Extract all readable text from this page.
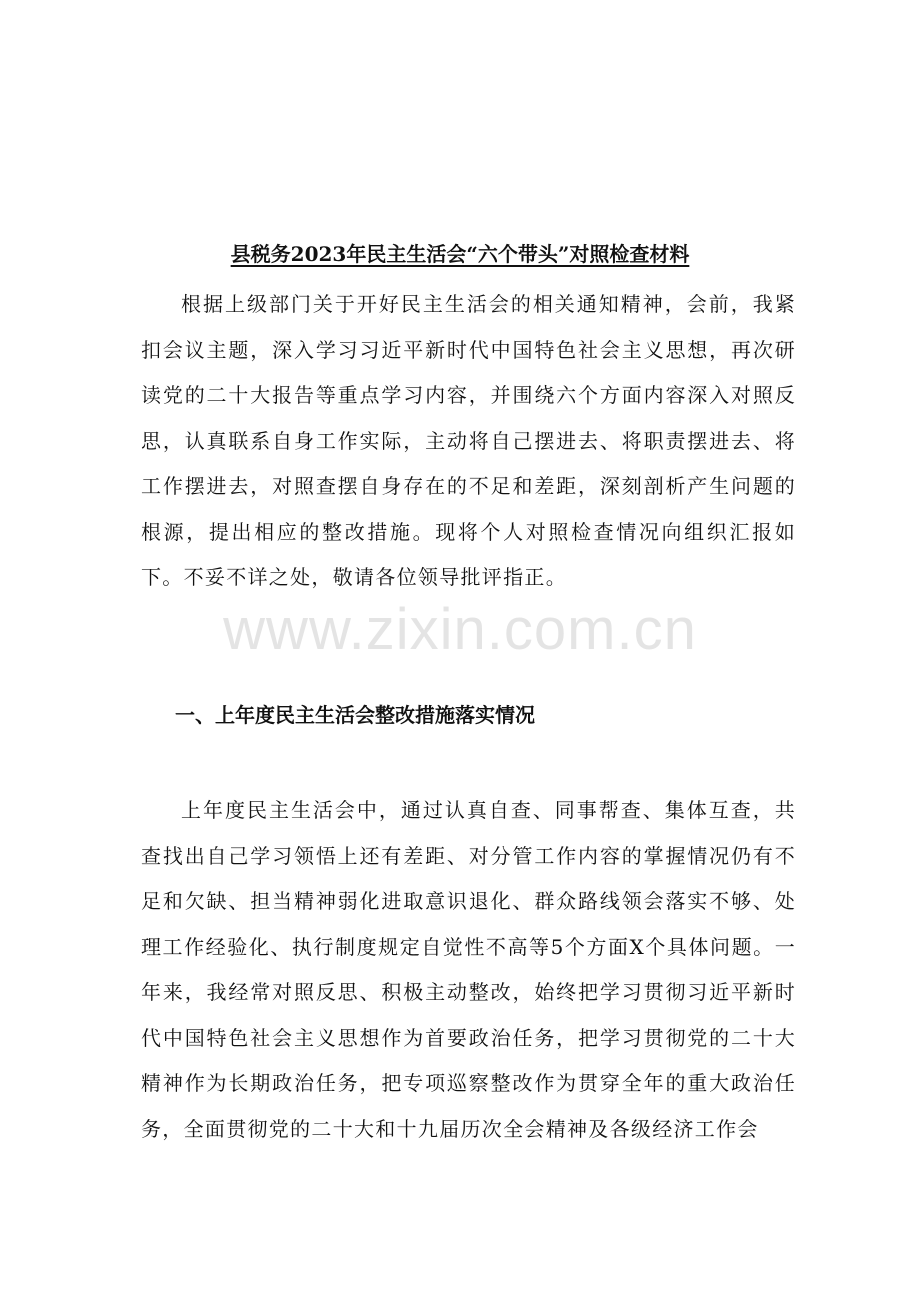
县税务2023年民主生活会“六个带头”对照检查材料

根据上级部门关于开好民主生活会的相关通知精神，会前，我紧扣会议主题，深入学习习近平新时代中国特色社会主义思想，再次研读党的二十大报告等重点学习内容，并围绕六个方面内容深入对照反思，认真联系自身工作实际，主动将自己摆进去、将职责摆进去、将工作摆进去，对照查摆自身存在的不足和差距，深刻剖析产生问题的根源，提出相应的整改措施。现将个人对照检查情况向组织汇报如下。不妥不详之处，敬请各位领导批评指正。

一、上年度民主生活会整改措施落实情况

上年度民主生活会中，通过认真自查、同事帮查、集体互查，共查找出自己学习领悟上还有差距、对分管工作内容的掌握情况仍有不足和欠缺、担当精神弱化进取意识退化、群众路线领会落实不够、处理工作经验化、执行制度规定自觉性不高等5个方面X个具体问题。一年来，我经常对照反思、积极主动整改，始终把学习贯彻习近平新时代中国特色社会主义思想作为首要政治任务，把学习贯彻党的二十大精神作为长期政治任务，把专项巡察整改作为贯穿全年的重大政治任务，全面贯彻党的二十大和十九届历次全会精神及各级经济工作会

www.zixin.com.cn
